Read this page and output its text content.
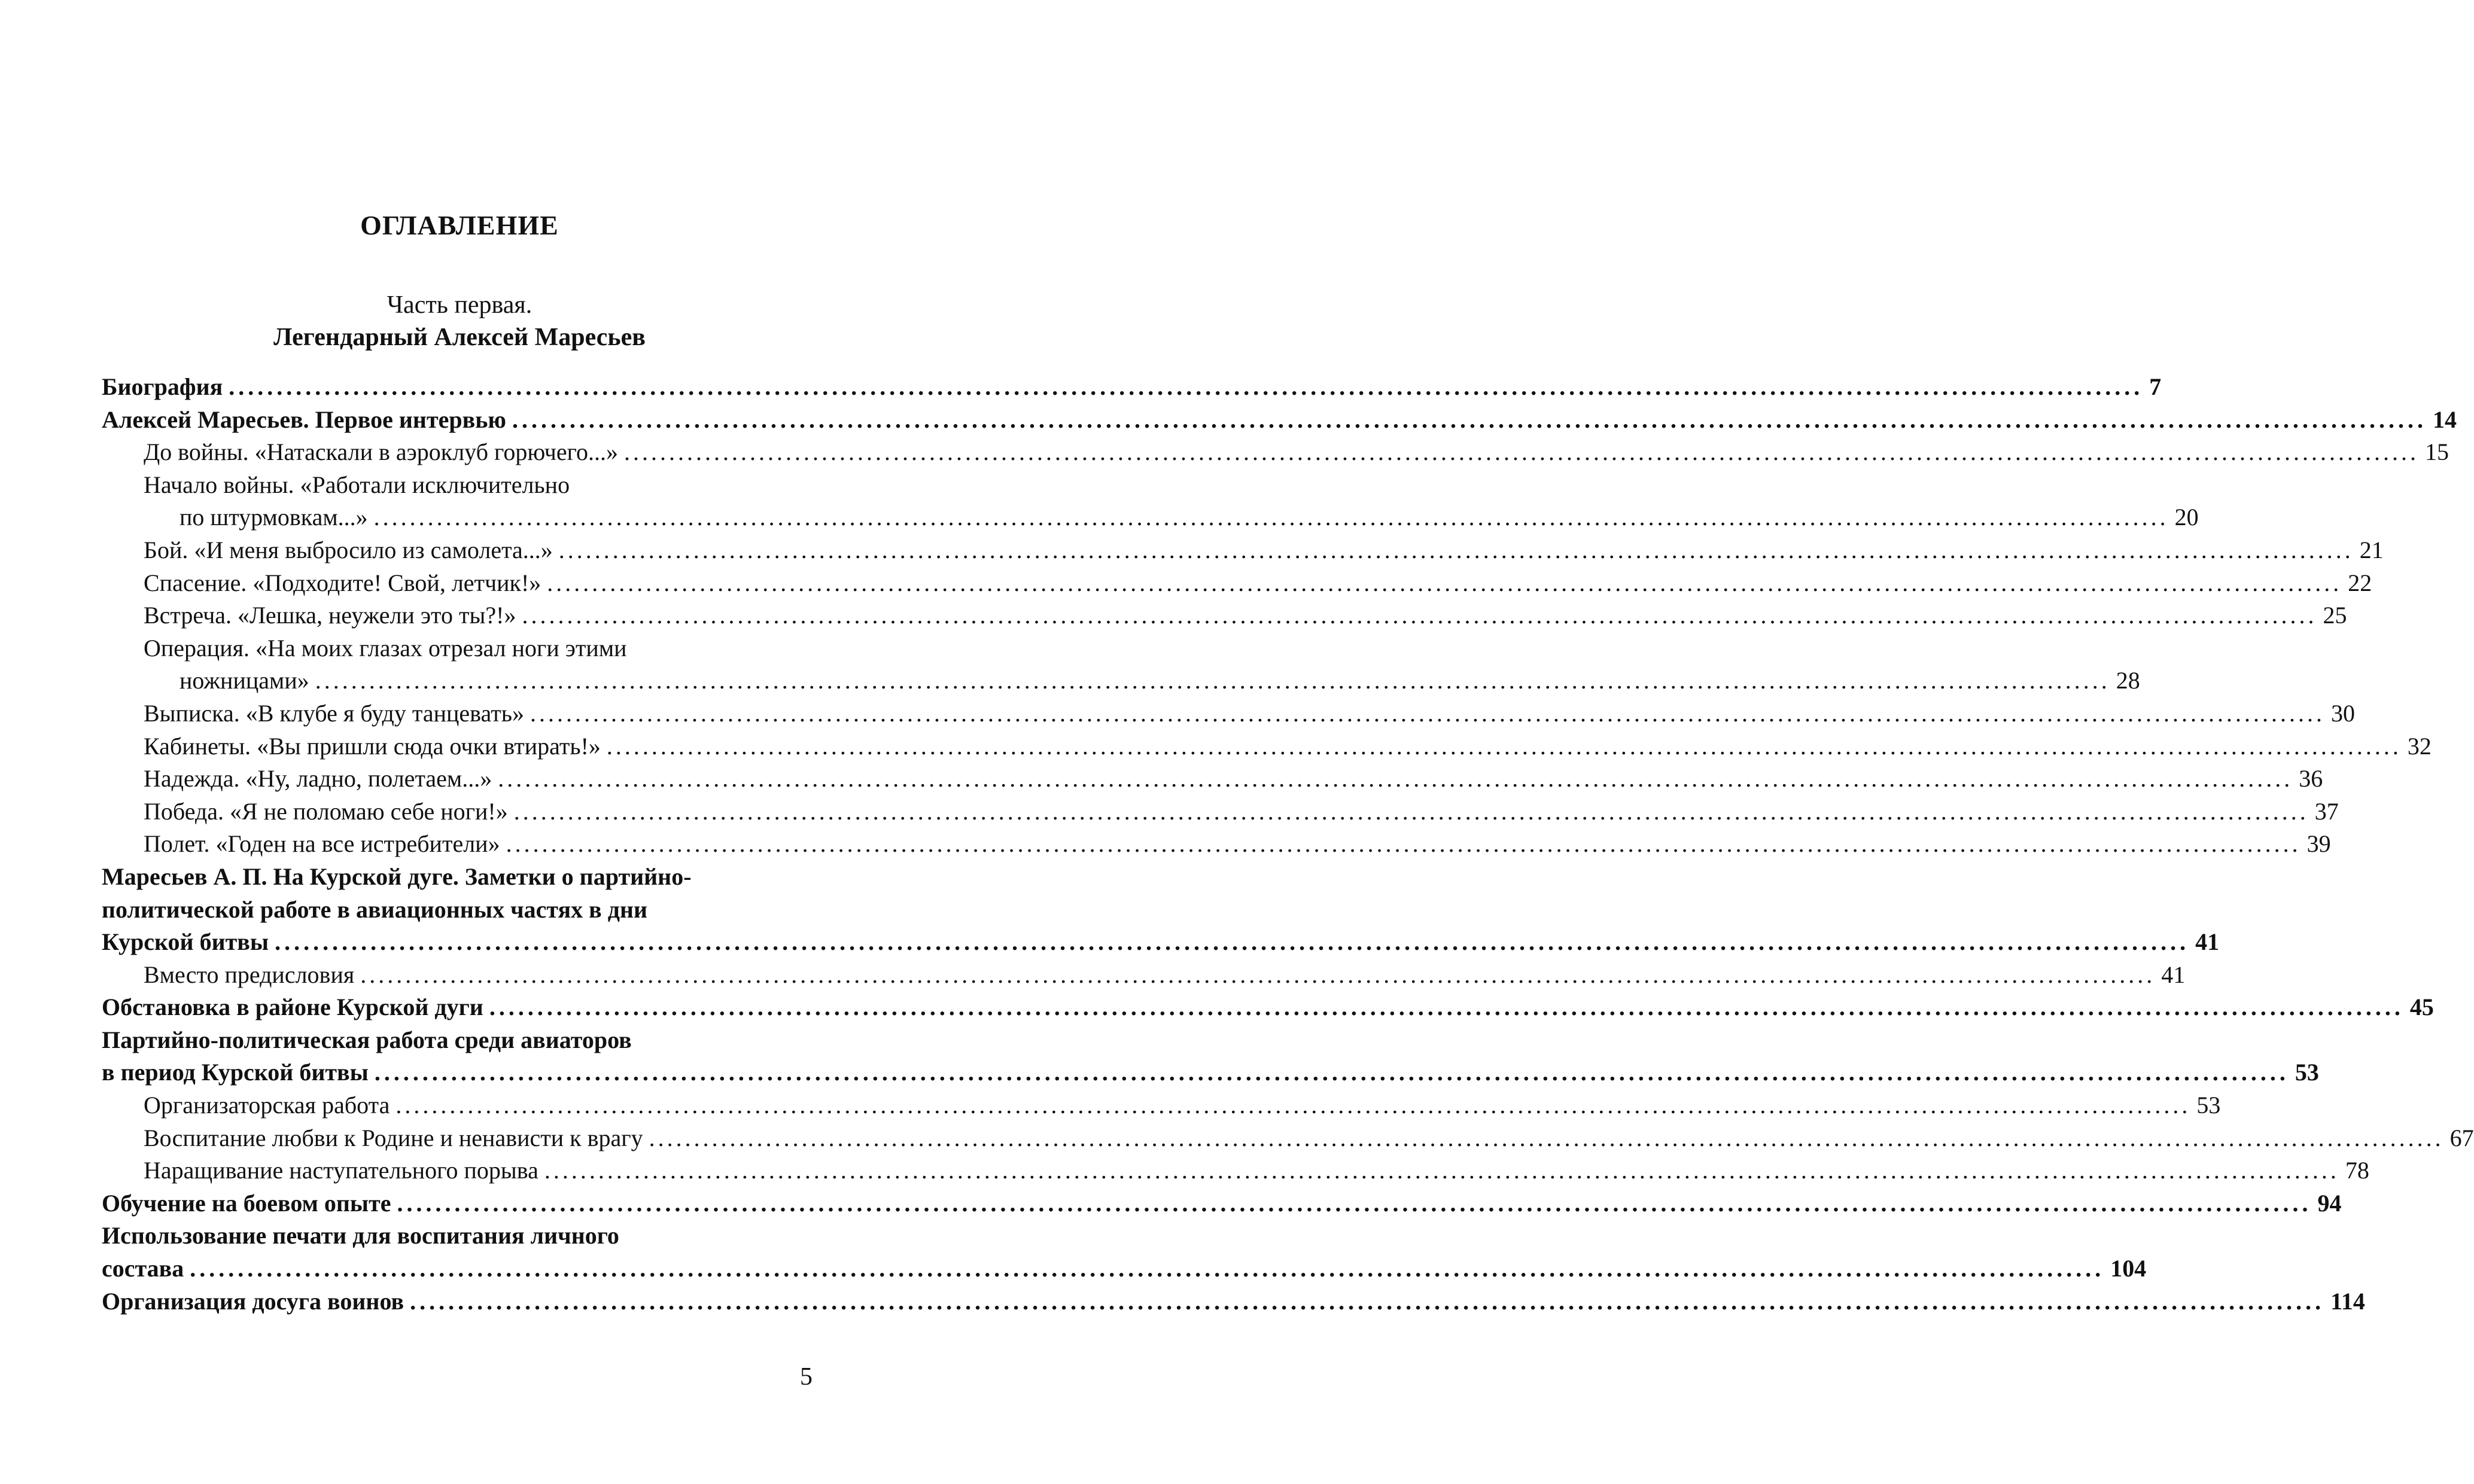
ОГЛАВЛЕНИЕ
Часть первая.
Легендарный Алексей Маресьев
Биография ........................................................................................................................................................................................................ 7
Алексей Маресьев. Первое интервью ........................................................................................................................................................................................................ 14
До войны. «Натаскали в аэроклуб горючего...» ........................................................................................................................................................................................................ 15
Начало войны. «Работали исключительно
по штурмовкам...» ........................................................................................................................................................................................................ 20
Бой. «И меня выбросило из самолета...» ........................................................................................................................................................................................................ 21
Спасение. «Подходите! Свой, летчик!» ........................................................................................................................................................................................................ 22
Встреча. «Лешка, неужели это ты?!» ........................................................................................................................................................................................................ 25
Операция. «На моих глазах отрезал ноги этими
ножницами» ........................................................................................................................................................................................................ 28
Выписка. «В клубе я буду танцевать» ........................................................................................................................................................................................................ 30
Кабинеты. «Вы пришли сюда очки втирать!» ........................................................................................................................................................................................................ 32
Надежда. «Ну, ладно, полетаем...» ........................................................................................................................................................................................................ 36
Победа. «Я не поломаю себе ноги!» ........................................................................................................................................................................................................ 37
Полет. «Годен на все истребители» ........................................................................................................................................................................................................ 39
Маресьев А. П. На Курской дуге. Заметки о партийно-
политической работе в авиационных частях в дни
Курской битвы ........................................................................................................................................................................................................ 41
Вместо предисловия ........................................................................................................................................................................................................ 41
Обстановка в районе Курской дуги ........................................................................................................................................................................................................ 45
Партийно-политическая работа среди авиаторов
в период Курской битвы ........................................................................................................................................................................................................ 53
Организаторская работа ........................................................................................................................................................................................................ 53
Воспитание любви к Родине и ненависти к врагу ........................................................................................................................................................................................................ 67
Наращивание наступательного порыва ........................................................................................................................................................................................................ 78
Обучение на боевом опыте ........................................................................................................................................................................................................ 94
Использование печати для воспитания личного
состава ........................................................................................................................................................................................................ 104
Организация досуга воинов ........................................................................................................................................................................................................ 114
5
